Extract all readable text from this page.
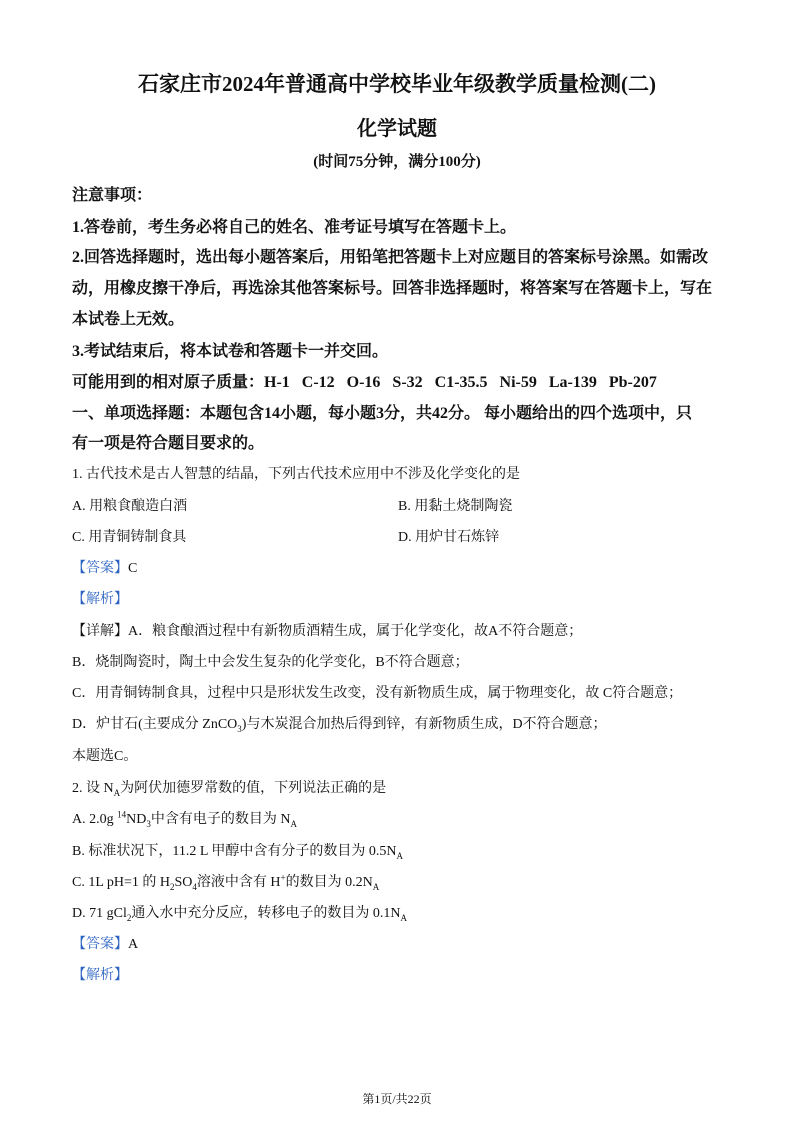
石家庄市2024年普通高中学校毕业年级教学质量检测(二)
化学试题
(时间75分钟，满分100分)
注意事项：
1.答卷前，考生务必将自己的姓名、准考证号填写在答题卡上。
2.回答选择题时，选出每小题答案后，用铅笔把答题卡上对应题目的答案标号涂黑。如需改
动，用橡皮擦干净后，再选涂其他答案标号。回答非选择题时，将答案写在答题卡上，写在
本试卷上无效。
3.考试结束后，将本试卷和答题卡一并交回。
可能用到的相对原子质量：H-1   C-12   O-16   S-32   C1-35.5   Ni-59   La-139   Pb-207
一、单项选择题：本题包含14小题，每小题3分，共42分。 每小题给出的四个选项中，只
有一项是符合题目要求的。
1. 古代技术是古人智慧的结晶，下列古代技术应用中不涉及化学变化的是
A. 用粮食酿造白酒	B. 用黏土烧制陶瓷
C. 用青铜铸制食具	D. 用炉甘石炼锌
【答案】C
【解析】
【详解】A．粮食酿酒过程中有新物质酒精生成，属于化学变化，故A不符合题意；
B．烧制陶瓷时，陶土中会发生复杂的化学变化，B不符合题意；
C．用青铜铸制食具，过程中只是形状发生改变，没有新物质生成，属于物理变化，故 C符合题意；
D．炉甘石(主要成分 ZnCO$_3$)与木炭混合加热后得到锌，有新物质生成，D不符合题意；
本题选C。
2. 设 $N_A$为阿伏加德罗常数的值，下列说法正确的是
A. 2.0g $^{14}ND_3$中含有电子的数目为 $N_A$
B. 标准状况下，11.2 L 甲醇中含有分子的数目为 $0.5N_A$
C. 1L pH=1 的 $H_2SO_4$溶液中含有 H+的数目为 $0.2N_A$
D. 71 gCl$_2$通入水中充分反应，转移电子的数目为 $0.1N_A$
【答案】A
【解析】
第1页/共22页
